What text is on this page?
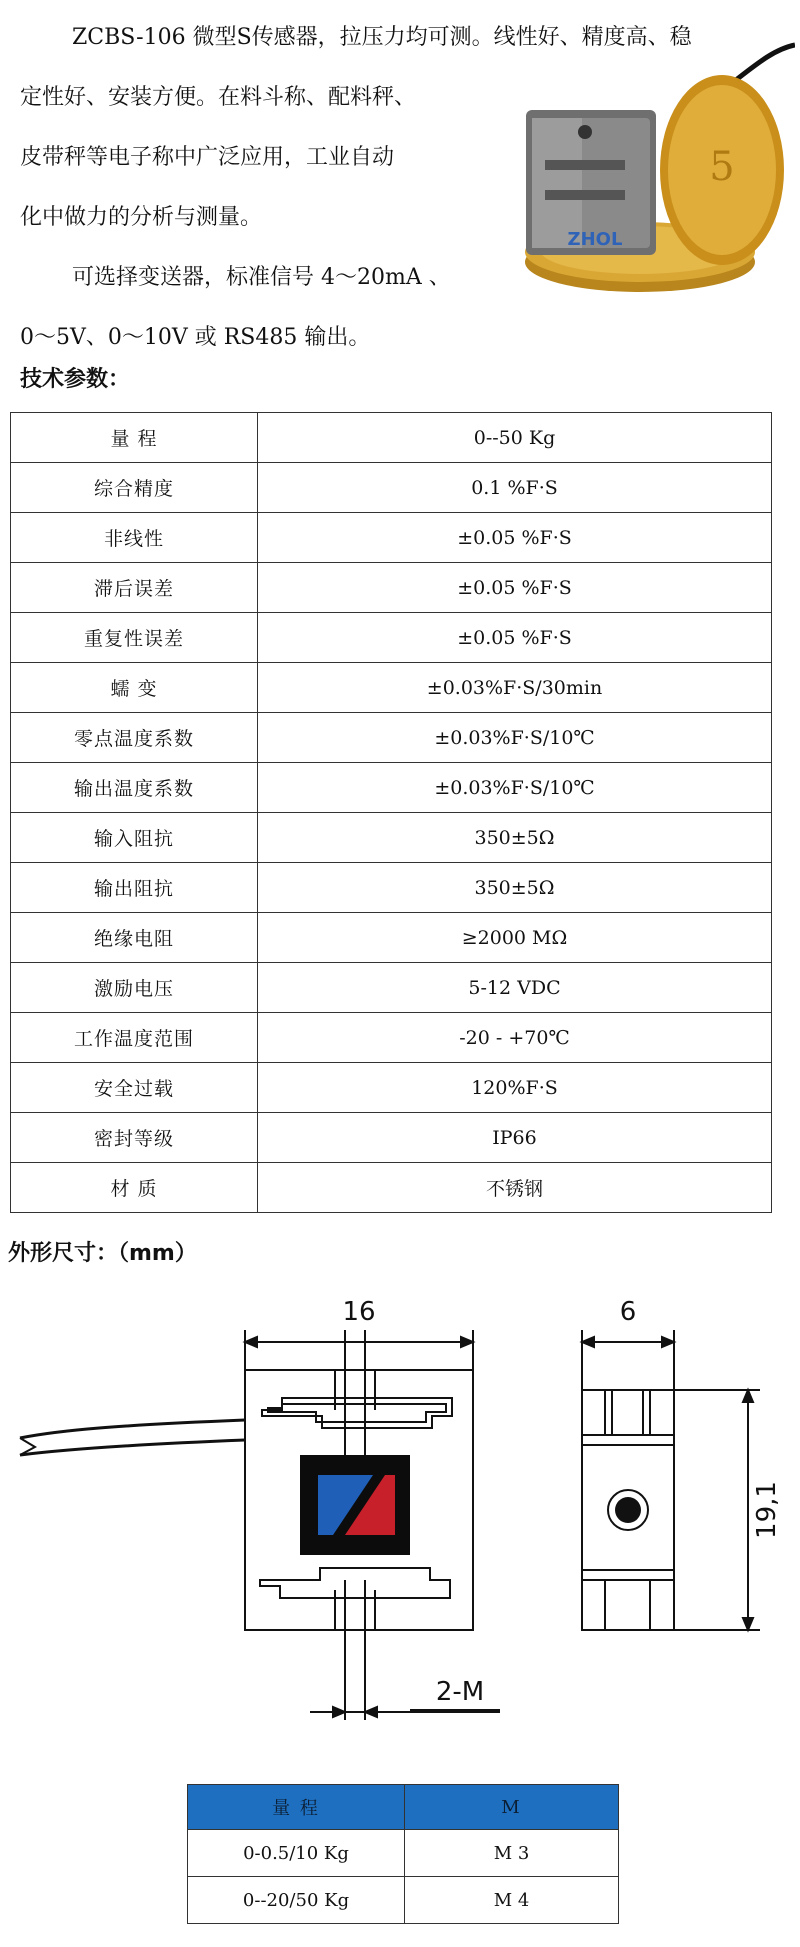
ZCBS-106 微型S传感器，拉压力均可测。线性好、精度高、稳

定性好、安装方便。在料斗称、配料秤、

皮带秤等电子称中广泛应用，工业自动

化中做力的分析与测量。

可选择变送器，标准信号 4～20mA 、

0～5V、0～10V 或 RS485 输出。

5
ZHOL
技术参数：
量 程	0--50 Kg
综合精度	0.1 %F·S
非线性	±0.05 %F·S
滞后误差	±0.05 %F·S
重复性误差	±0.05 %F·S
蠕 变	±0.03%F·S/30min
零点温度系数	±0.03%F·S/10℃
输出温度系数	±0.03%F·S/10℃
输入阻抗	350±5Ω
输出阻抗	350±5Ω
绝缘电阻	≥2000 MΩ
激励电压	5-12 VDC
工作温度范围	-20 - +70℃
安全过载	120%F·S
密封等级	IP66
材 质	不锈钢
外形尺寸：（mm）
16	6
19,1
2-M
量 程	M
0-0.5/10 Kg	M 3
0--20/50 Kg	M 4
